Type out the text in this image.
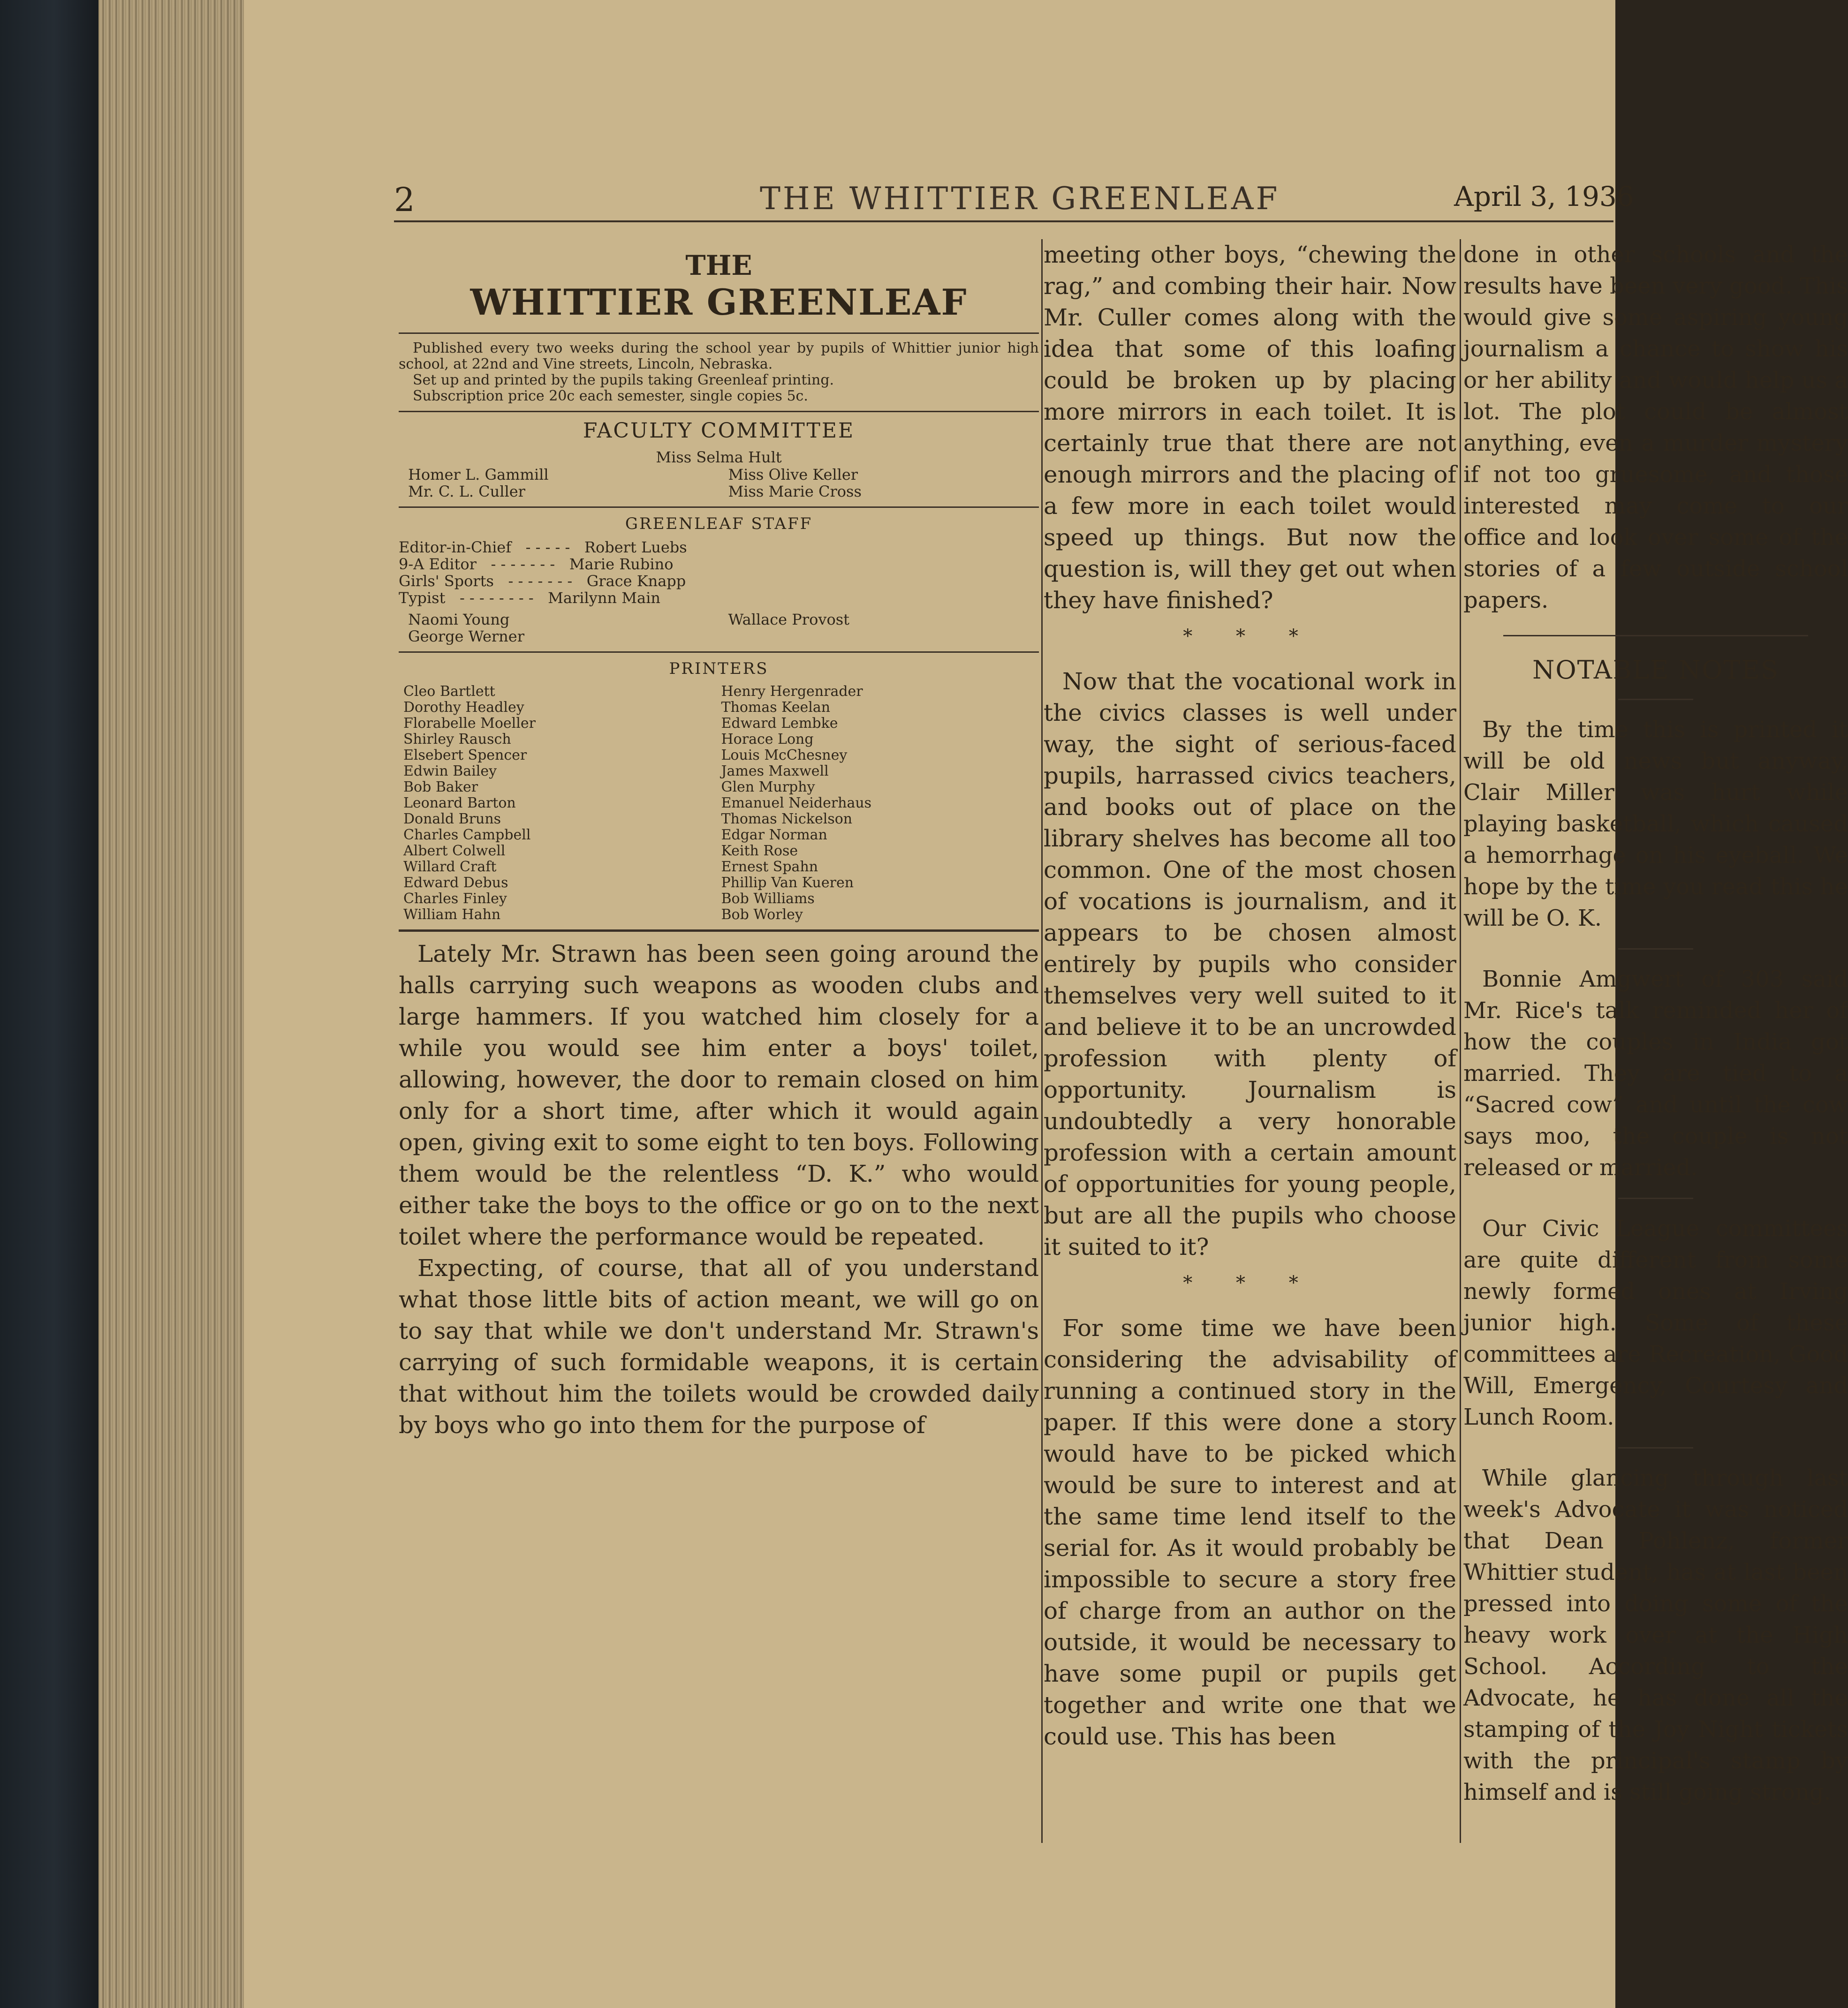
2	THE WHITTIER GREENLEAF	April 3, 1936
THE
WHITTIER GREENLEAF
Published every two weeks during the school year by pupils of Whittier junior high school, at 22nd and Vine streets, Lincoln, Nebraska.
Set up and printed by the pupils taking Greenleaf printing.
Subscription price 20c each semester, single copies 5c.
FACULTY COMMITTEE
Miss Selma Hult
Homer L. Gammill	Miss Olive Keller
Mr. C. L. Culler	Miss Marie Cross
GREENLEAF STAFF
Editor-in-Chief   - - - - -   Robert Luebs
9-A Editor   - - - - - - -   Marie Rubino
Girls' Sports   - - - - - - -   Grace Knapp
Typist   - - - - - - - -   Marilynn Main
Naomi Young	Wallace Provost
George Werner
PRINTERS
Cleo Bartlett	Henry Hergenrader
Dorothy Headley	Thomas Keelan
Florabelle Moeller	Edward Lembke
Shirley Rausch	Horace Long
Elsebert Spencer	Louis McChesney
Edwin Bailey	James Maxwell
Bob Baker	Glen Murphy
Leonard Barton	Emanuel Neiderhaus
Donald Bruns	Thomas Nickelson
Charles Campbell	Edgar Norman
Albert Colwell	Keith Rose
Willard Craft	Ernest Spahn
Edward Debus	Phillip Van Kueren
Charles Finley	Bob Williams
William Hahn	Bob Worley

Lately Mr. Strawn has been seen going around the halls carrying such weapons as wooden clubs and large hammers. If you watched him closely for a while you would see him enter a boys' toilet, allowing, however, the door to remain closed on him only for a short time, after which it would again open, giving exit to some eight to ten boys. Following them would be the relentless “D. K.” who would either take the boys to the office or go on to the next toilet where the performance would be repeated.

Expecting, of course, that all of you understand what those little bits of action meant, we will go on to say that while we don't understand Mr. Strawn's carrying of such formidable weapons, it is certain that without him the toilets would be crowded daily by boys who go into them for the purpose of

meeting other boys, “chewing the rag,” and combing their hair. Now Mr. Culler comes along with the idea that some of this loafing could be broken up by placing more mirrors in each toilet. It is certainly true that there are not enough mirrors and the placing of a few more in each toilet would speed up things. But now the question is, will they get out when they have finished?

* * *

Now that the vocational work in the civics classes is well under way, the sight of serious-faced pupils, harrassed civics teachers, and books out of place on the library shelves has become all too common. One of the most chosen of vocations is journalism, and it appears to be chosen almost entirely by pupils who consider themselves very well suited to it and believe it to be an uncrowded profession with plenty of opportunity. Journalism is undoubtedly a very honorable profession with a certain amount of opportunities for young people, but are all the pupils who choose it suited to it?

* * *

For some time we have been considering the advisability of running a continued story in the paper. If this were done a story would have to be picked which would be sure to interest and at the same time lend itself to the serial for. As it would probably be impossible to secure a story free of charge from an author on the outside, it would be necessary to have some pupil or pupils get together and write one that we could use. This has been

done in other schools and the results have been very good. This would give some aspiring young journalism a chance to show his or her ability and would help us a lot. The plot could be almost anything, even a murder mystery if not too gruesome, and those interested may come to our office and look over some of the stories of a few outside school papers.

NOTABLE NOTES

By the time this is printed it will be old news but anyway, Clair Miller was hurt while playing basketball, which caused a hemorrhage on his eyeball. We hope by the time you read this he will be O. K.

Bonnie Amgwert of 303 said Mr. Rice's talk reminded her of how the couples in India got married. They are tied to a “Sacred cow” and until the cow says moo, the couple is not released or married.

Our Civic League committees are quite different from some newly formed ones at Irving junior high. Some of these committees are Recreation, Good Will, Emergency, Courtesy and Lunch Room.

While glancing through last week's Advocate it was noticed that Dean Pohlenz, former Whittier student, has at last been pressed into doing some of the heavy work over at the High School. According to the Advocate, he has done all the stamping of the Joy Night tickets with the principal's stamp by himself and is still going strong.
